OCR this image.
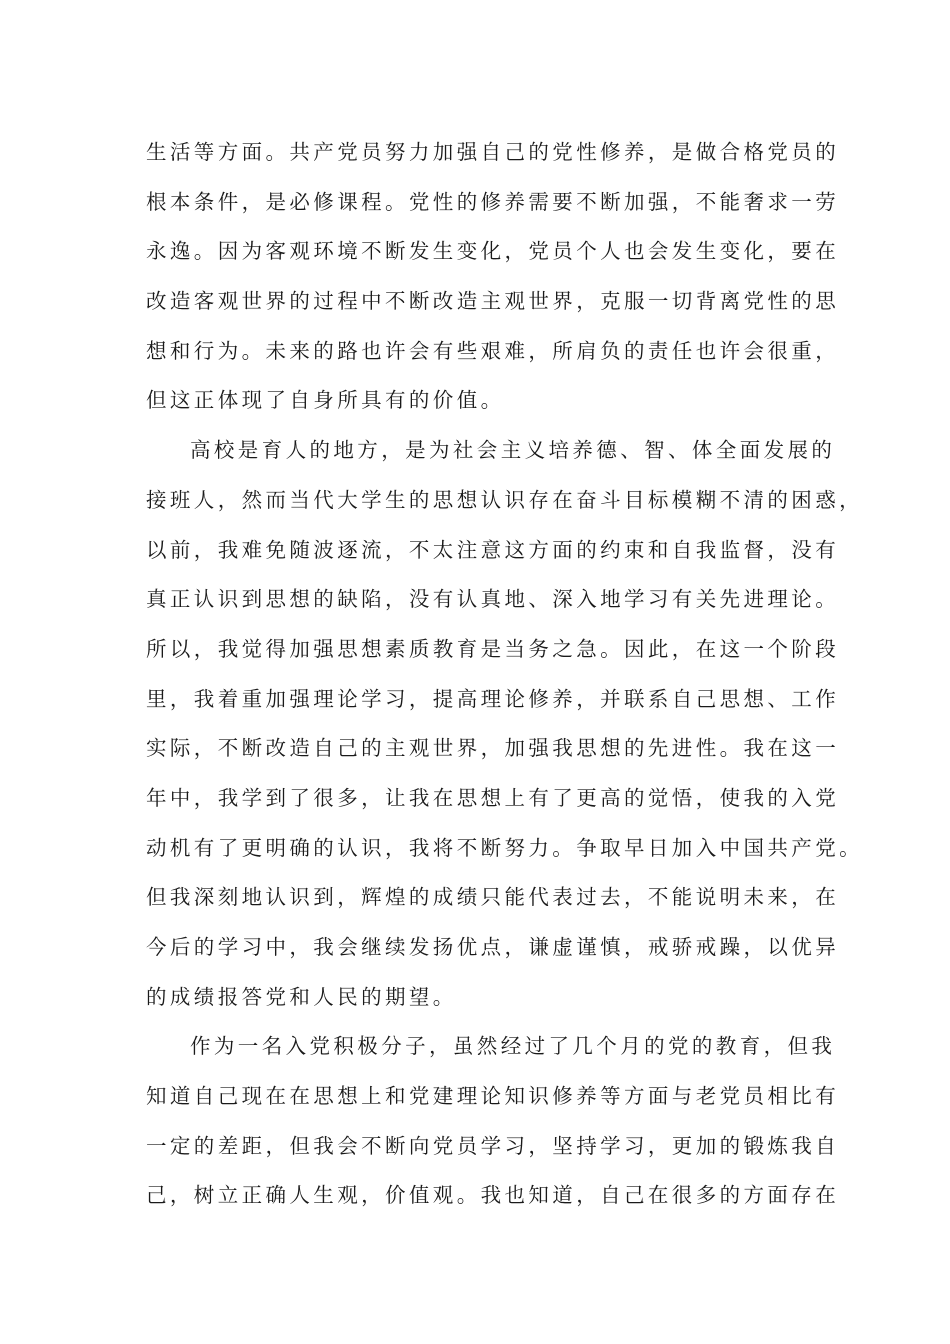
生活等方面。共产党员努力加强自己的党性修养，是做合格党员的
根本条件，是必修课程。党性的修养需要不断加强，不能奢求一劳
永逸。因为客观环境不断发生变化，党员个人也会发生变化，要在
改造客观世界的过程中不断改造主观世界，克服一切背离党性的思
想和行为。未来的路也许会有些艰难，所肩负的责任也许会很重，
但这正体现了自身所具有的价值。
高校是育人的地方，是为社会主义培养德、智、体全面发展的
接班人，然而当代大学生的思想认识存在奋斗目标模糊不清的困惑，
以前，我难免随波逐流，不太注意这方面的约束和自我监督，没有
真正认识到思想的缺陷，没有认真地、深入地学习有关先进理论。
所以，我觉得加强思想素质教育是当务之急。因此，在这一个阶段
里，我着重加强理论学习，提高理论修养，并联系自己思想、工作
实际，不断改造自己的主观世界，加强我思想的先进性。我在这一
年中，我学到了很多，让我在思想上有了更高的觉悟，使我的入党
动机有了更明确的认识，我将不断努力。争取早日加入中国共产党。
但我深刻地认识到，辉煌的成绩只能代表过去，不能说明未来，在
今后的学习中，我会继续发扬优点，谦虚谨慎，戒骄戒躁，以优异
的成绩报答党和人民的期望。
作为一名入党积极分子，虽然经过了几个月的党的教育，但我
知道自己现在在思想上和党建理论知识修养等方面与老党员相比有
一定的差距，但我会不断向党员学习，坚持学习，更加的锻炼我自
己，树立正确人生观，价值观。我也知道，自己在很多的方面存在
